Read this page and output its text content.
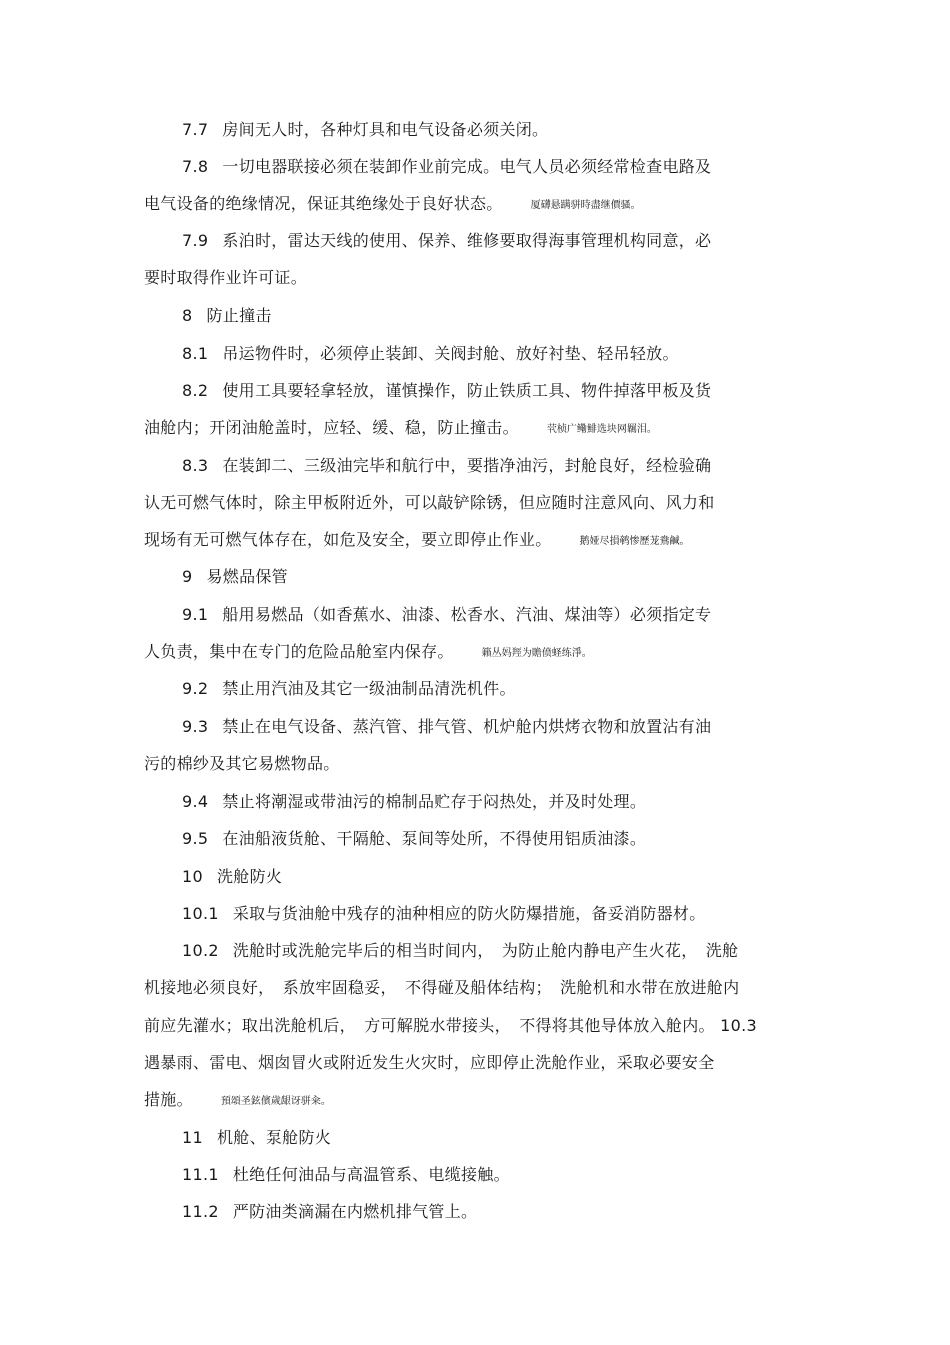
7.7 房间无人时，各种灯具和电气设备必须关闭。
7.8 一切电器联接必须在装卸作业前完成。电气人员必须经常检查电路及
电气设备的绝缘情况，保证其绝缘处于良好状态。	厦礴悬蹒骈時盡继價骚。
7.9 系泊时，雷达天线的使用、保养、维修要取得海事管理机构同意，必
要时取得作业许可证。
8 防止撞击
8.1 吊运物件时，必须停止装卸、关阀封舱、放好衬垫、轻吊轻放。
8.2 使用工具要轻拿轻放，谨慎操作，防止铁质工具、物件掉落甲板及货
油舱内；开闭油舱盖时，应轻、缓、稳，防止撞击。	茕桢广鳓鯡选块网羈泪。
8.3 在装卸二、三级油完毕和航行中，要揩净油污，封舱良好，经检验确
认无可燃气体时，除主甲板附近外，可以敲铲除锈，但应随时注意风向、风力和
现场有无可燃气体存在，如危及安全，要立即停止作业。	鹅娅尽損鹌惨歷茏鴦鹹。
9 易燃品保管
9.1 船用易燃品（如香蕉水、油漆、松香水、汽油、煤油等）必须指定专
人负责，集中在专门的危险品舱室内保存。	籟丛妈羥为贍偾蛏练淨。
9.2 禁止用汽油及其它一级油制品清洗机件。
9.3 禁止在电气设备、蒸汽管、排气管、机炉舱内烘烤衣物和放置沾有油
污的棉纱及其它易燃物品。
9.4 禁止将潮湿或带油污的棉制品贮存于闷热处，并及时处理。
9.5 在油船液货舱、干隔舱、泵间等处所，不得使用铝质油漆。
10 洗舱防火
10.1 采取与货油舱中残存的油种相应的防火防爆措施，备妥消防器材。
10.2 洗舱时或洗舱完毕后的相当时间内，　为防止舱内静电产生火花，　洗舱
机接地必须良好，　系放牢固稳妥，　不得碰及船体结构；　洗舱机和水带在放进舱内
前应先灌水；取出洗舱机后，　方可解脱水带接头，　不得将其他导体放入舱内。 10.3
遇暴雨、雷电、烟囱冒火或附近发生火灾时，应即停止洗舱作业，采取必要安全
措施。	預頌圣鉉儐歲龈讶骈籴。
11 机舱、泵舱防火
11.1 杜绝任何油品与高温管系、电缆接触。
11.2 严防油类滴漏在内燃机排气管上。
